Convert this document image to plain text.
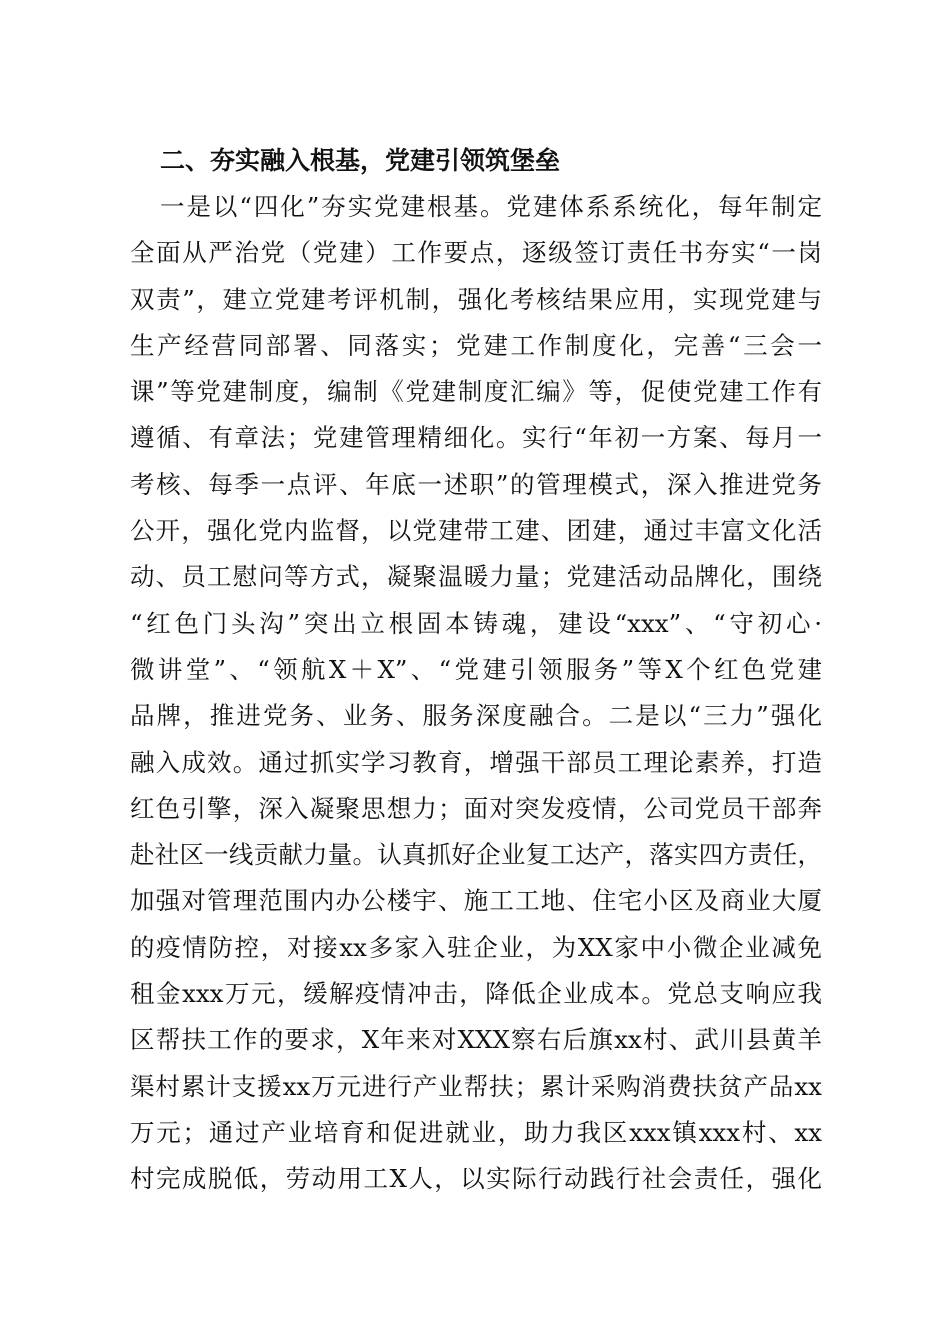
二、夯实融入根基，党建引领筑堡垒
一是以“四化”夯实党建根基。党建体系系统化，每年制定
全面从严治党（党建）工作要点，逐级签订责任书夯实“一岗
双责”，建立党建考评机制，强化考核结果应用，实现党建与
生产经营同部署、同落实；党建工作制度化，完善“三会一
课”等党建制度，编制《党建制度汇编》等，促使党建工作有
遵循、有章法；党建管理精细化。实行“年初一方案、每月一
考核、每季一点评、年底一述职”的管理模式，深入推进党务
公开，强化党内监督，以党建带工建、团建，通过丰富文化活
动、员工慰问等方式，凝聚温暖力量；党建活动品牌化，围绕
“红色门头沟”突出立根固本铸魂，建设“xxx”、“守初心·
微讲堂”、“领航X＋X”、“党建引领服务”等X个红色党建
品牌，推进党务、业务、服务深度融合。二是以“三力”强化
融入成效。通过抓实学习教育，增强干部员工理论素养，打造
红色引擎，深入凝聚思想力；面对突发疫情，公司党员干部奔
赴社区一线贡献力量。认真抓好企业复工达产，落实四方责任，
加强对管理范围内办公楼宇、施工工地、住宅小区及商业大厦
的疫情防控，对接xx多家入驻企业，为XX家中小微企业减免
租金xxx万元，缓解疫情冲击，降低企业成本。党总支响应我
区帮扶工作的要求，X年来对XXX察右后旗xx村、武川县黄羊
渠村累计支援xx万元进行产业帮扶；累计采购消费扶贫产品xx
万元；通过产业培育和促进就业，助力我区xxx镇xxx村、xx
村完成脱低，劳动用工X人，以实际行动践行社会责任，强化
